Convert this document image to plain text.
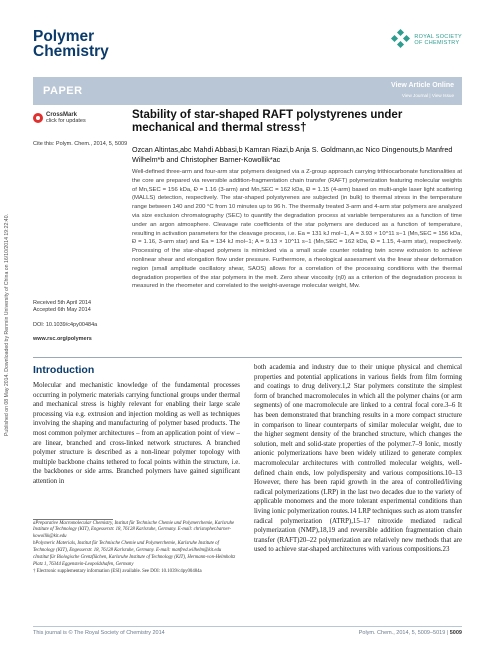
Published on 08 May 2014. Downloaded by Renmin University of China on 16/10/2014 19:22:40.
Polymer
Chemistry
ROYAL SOCIETY
OF CHEMISTRY
PAPER	View Article Online
View Journal | View Issue
CrossMark
click for updates
Cite this: Polym. Chem., 2014, 5, 5009
Stability of star-shaped RAFT polystyrenes under mechanical and thermal stress†
Ozcan Altintas,abc Mahdi Abbasi,b Kamran Riazi,b Anja S. Goldmann,ac Nico Dingenouts,b Manfred Wilhelm*b and Christopher Barner-Kowollik*ac
Well-defined three-arm and four-arm star polymers designed via a Z-group approach carrying trithiocarbonate functionalities at the core are prepared via reversible addition-fragmentation chain transfer (RAFT) polymerization featuring molecular weights of Mn,SEC = 156 kDa, Đ = 1.16 (3-arm) and Mn,SEC = 162 kDa, Đ = 1.15 (4-arm) based on multi-angle laser light scattering (MALLS) detection, respectively. The star-shaped polystyrenes are subjected (in bulk) to thermal stress in the temperature range between 140 and 200 °C from 10 minutes up to 96 h. The thermally treated 3-arm and 4-arm star polymers are analyzed via size exclusion chromatography (SEC) to quantify the degradation process at variable temperatures as a function of time under an argon atmosphere. Cleavage rate coefficients of the star polymers are deduced as a function of temperature, resulting in activation parameters for the cleavage process, i.e. Ea = 131 kJ mol−1, A = 3.93 × 10^11 s−1 (Mn,SEC = 156 kDa, Đ = 1.16, 3-arm star) and Ea = 134 kJ mol−1; A = 9.13 × 10^11 s−1 (Mn,SEC = 162 kDa, Đ = 1.15, 4-arm star), respectively. Processing of the star-shaped polymers is mimicked via a small scale counter rotating twin screw extrusion to achieve nonlinear shear and elongation flow under pressure. Furthermore, a rheological assessment via the linear shear deformation region (small amplitude oscillatory shear, SAOS) allows for a correlation of the processing conditions with the thermal degradation properties of the star polymers in the melt. Zero shear viscosity (η0) as a criterion of the degradation process is measured in the rheometer and correlated to the weight-average molecular weight, Mw.
Received 5th April 2014
Accepted 6th May 2014
DOI: 10.1039/c4py00484a
www.rsc.org/polymers
Introduction
Molecular and mechanistic knowledge of the fundamental processes occurring in polymeric materials carrying functional groups under thermal and mechanical stress is highly relevant for enabling their large scale processing via e.g. extrusion and injection molding as well as techniques involving the shaping and manufacturing of polymer based products. The most common polymer architectures – from an application point of view – are linear, branched and cross-linked network structures. A branched polymer structure is described as a non-linear polymer topology with multiple backbone chains tethered to focal points within the structure, i.e. the backbones or side arms. Branched polymers have gained significant attention in
both academia and industry due to their unique physical and chemical properties and potential applications in various fields from film forming and coatings to drug delivery.1,2 Star polymers constitute the simplest form of branched macromolecules in which all the polymer chains (or arm segments) of one macromolecule are linked to a central focal core.3–6 It has been demonstrated that branching results in a more compact structure in comparison to linear counterparts of similar molecular weight, due to the higher segment density of the branched structure, which changes the solution, melt and solid-state properties of the polymer.7–9 Ionic, mostly anionic polymerizations have been widely utilized to generate complex macromolecular architectures with controlled molecular weights, well-defined chain ends, low polydispersity and various compositions.10–13 However, there has been rapid growth in the area of controlled/living radical polymerizations (LRP) in the last two decades due to the variety of applicable monomers and the more tolerant experimental conditions than living ionic polymerization routes.14 LRP techniques such as atom transfer radical polymerization (ATRP),15–17 nitroxide mediated radical polymerization (NMP),18,19 and reversible addition fragmentation chain transfer (RAFT)20–22 polymerization are relatively new methods that are used to achieve star-shaped architectures with various compositions.23

aPreparative Macromolecular Chemistry, Institut für Technische Chemie und Polymerchemie, Karlsruhe Institute of Technology (KIT), Engesserstr. 18, 76128 Karlsruhe, Germany. E-mail: christopher.barner-kowollik@kit.edu

bPolymeric Materials, Institut für Technische Chemie und Polymerchemie, Karlsruhe Institute of Technology (KIT), Engesserstr. 18, 76128 Karlsruhe, Germany. E-mail: manfred.wilhelm@kit.edu

cInstitut für Biologische Grenzflächen, Karlsruhe Institute of Technology (KIT), Hermann-von-Helmholtz Platz 1, 76344 Eggenstein-Leopoldshafen, Germany

† Electronic supplementary information (ESI) available. See DOI: 10.1039/c4py00484a

This journal is © The Royal Society of Chemistry 2014	Polym. Chem., 2014, 5, 5009–5019 | 5009
